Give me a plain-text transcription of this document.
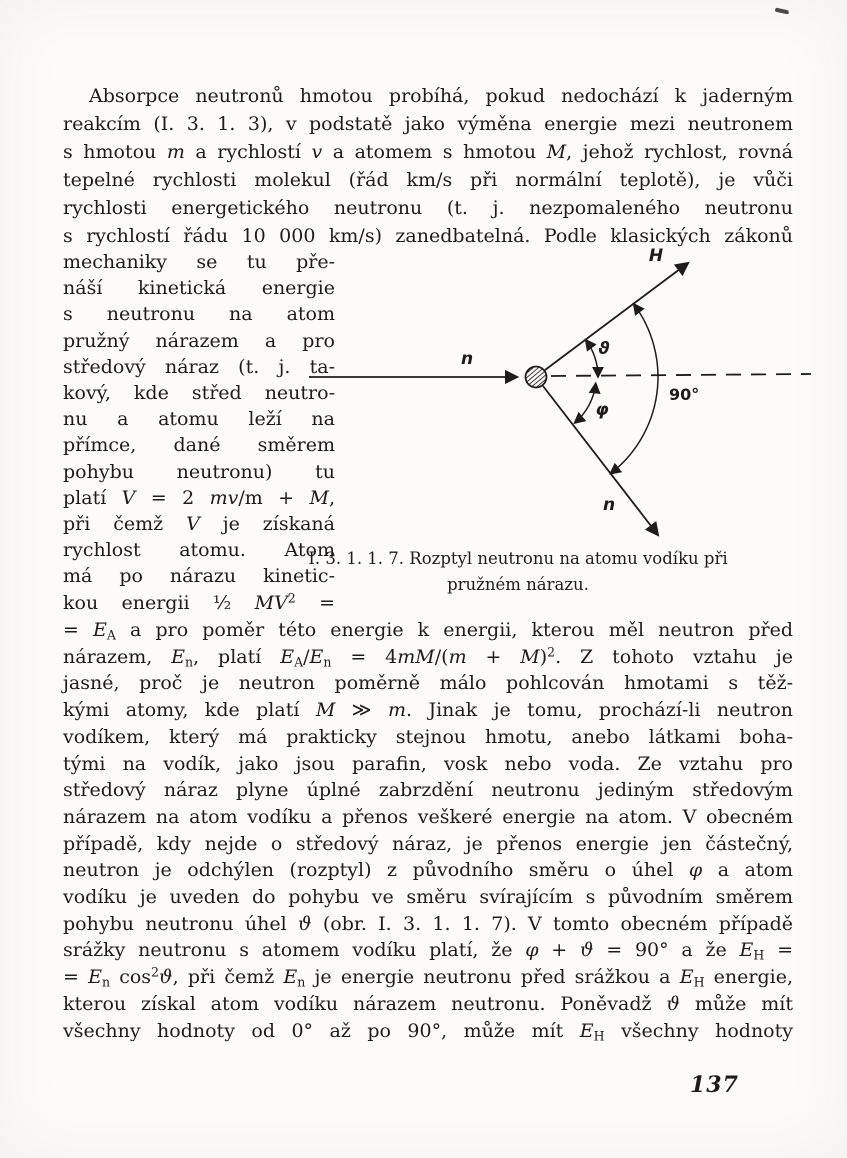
Absorpce neutronů hmotou probíhá, pokud nedochází k jaderným
reakcím (I. 3. 1. 3), v podstatě jako výměna energie mezi neutronem
s hmotou m a rychlostí v a atomem s hmotou M, jehož rychlost, rovná
tepelné rychlosti molekul (řád km/s při normální teplotě), je vůči
rychlosti energetického neutronu (t. j. nezpomaleného neutronu
s rychlostí řádu 10 000 km/s) zanedbatelná. Podle klasických zákonů
mechaniky se tu pře-
náší kinetická energie
s neutronu na atom
pružný nárazem a pro
středový náraz (t. j. ta-
kový, kde střed neutro-
nu a atomu leží na
přímce, dané směrem
pohybu neutronu) tu
platí V = 2 mv/m + M,
při čemž V je získaná
rychlost atomu. Atom
má po nárazu kinetic-
kou energii ½ $MV^2$ =
n
H
n
ϑ
φ
90°
I. 3. 1. 1. 7. Rozptyl neutronu na atomu vodíku při
pružném nárazu.
= $E_A$ a pro poměr této energie k energii, kterou měl neutron před
nárazem, $E_n$, platí $E_A/E_n = 4mM/(m + M)^2$. Z tohoto vztahu je
jasné, proč je neutron poměrně málo pohlcován hmotami s těž-
kými atomy, kde platí M ≫ m. Jinak je tomu, prochází-li neutron
vodíkem, který má prakticky stejnou hmotu, anebo látkami boha-
tými na vodík, jako jsou parafin, vosk nebo voda. Ze vztahu pro
středový náraz plyne úplné zabrzdění neutronu jediným středovým
nárazem na atom vodíku a přenos veškeré energie na atom. V obecném
případě, kdy nejde o středový náraz, je přenos energie jen částečný,
neutron je odchýlen (rozptyl) z původního směru o úhel φ a atom
vodíku je uveden do pohybu ve směru svírajícím s původním směrem
pohybu neutronu úhel ϑ (obr. I. 3. 1. 1. 7). V tomto obecném případě
srážky neutronu s atomem vodíku platí, že φ + ϑ = 90° a že $E_H$ =
= $E_n$ $\cos^2ϑ$, při čemž $E_n$ je energie neutronu před srážkou a $E_H$ energie,
kterou získal atom vodíku nárazem neutronu. Poněvadž ϑ může mít
všechny hodnoty od 0° až po 90°, může mít $E_H$ všechny hodnoty
137
